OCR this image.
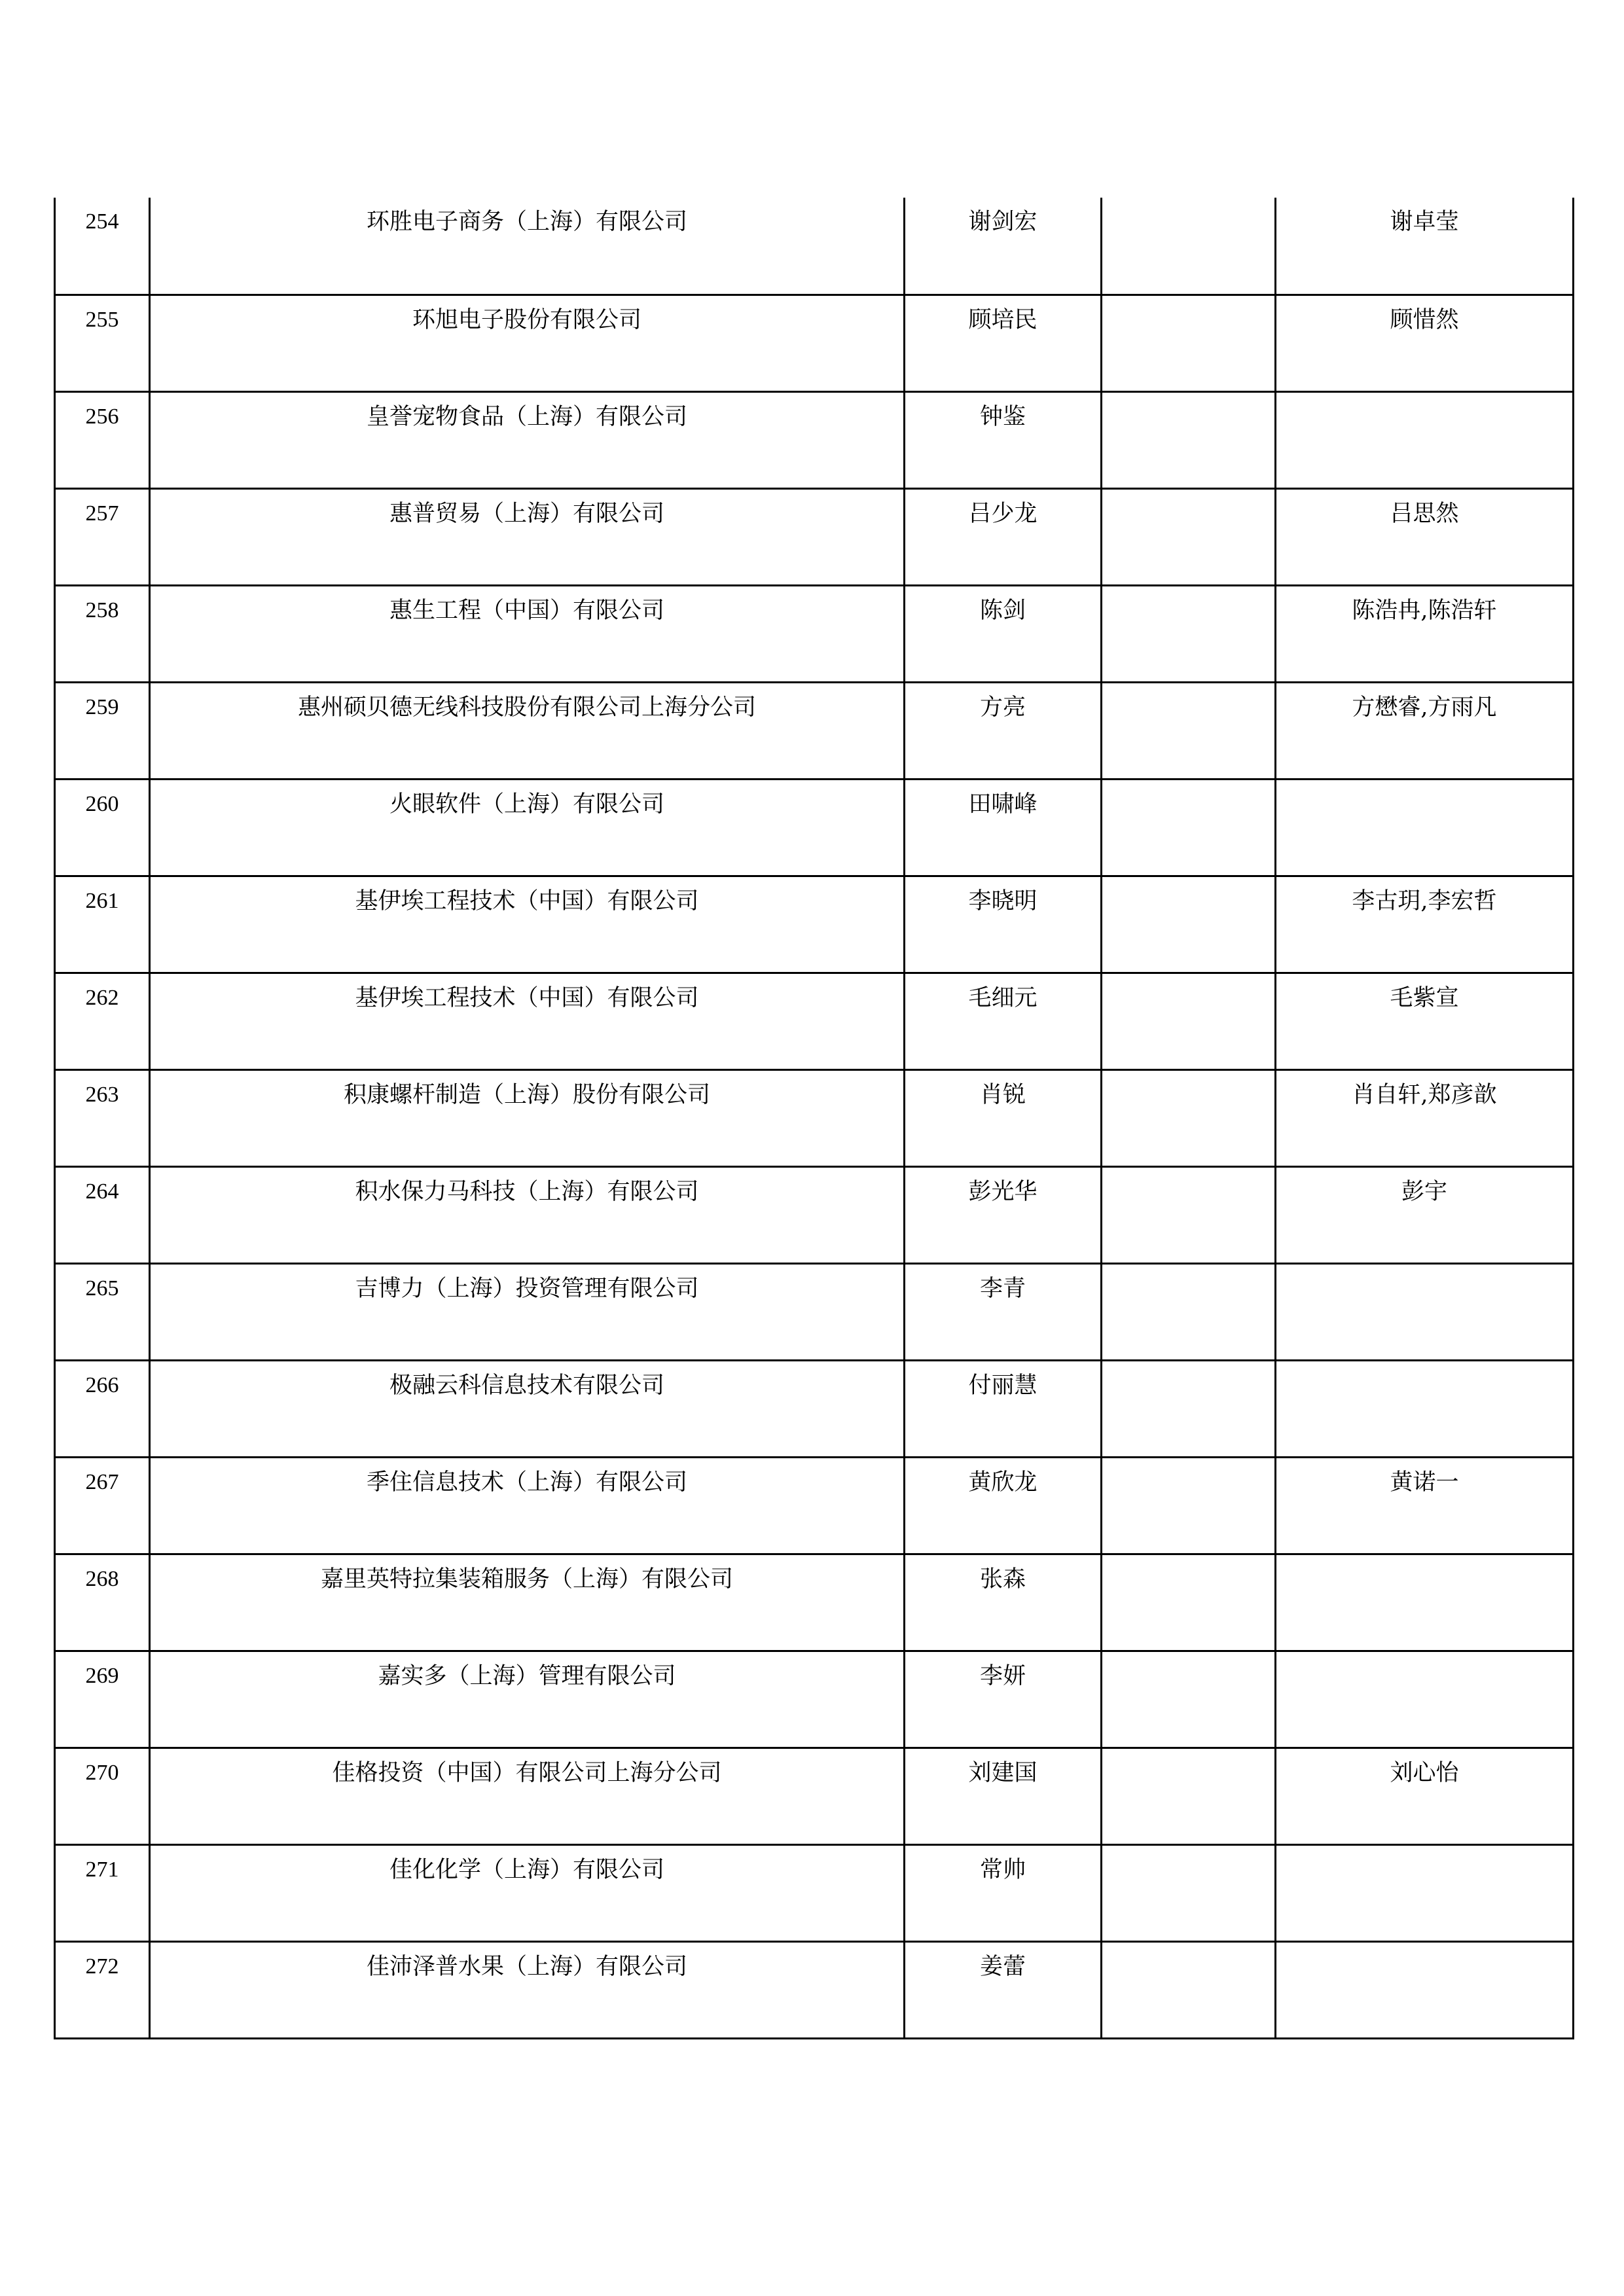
254	环胜电子商务（上海）有限公司	谢剑宏		谢卓莹

255	环旭电子股份有限公司	顾培民		顾惜然

256	皇誉宠物食品（上海）有限公司	钟鉴		

257	惠普贸易（上海）有限公司	吕少龙		吕思然

258	惠生工程（中国）有限公司	陈剑		陈浩冉,陈浩轩

259	惠州硕贝德无线科技股份有限公司上海分公司	方亮		方懋睿,方雨凡

260	火眼软件（上海）有限公司	田啸峰		

261	基伊埃工程技术（中国）有限公司	李晓明		李古玥,李宏哲

262	基伊埃工程技术（中国）有限公司	毛细元		毛紫宣

263	积康螺杆制造（上海）股份有限公司	肖锐		肖自轩,郑彦歆

264	积水保力马科技（上海）有限公司	彭光华		彭宇

265	吉博力（上海）投资管理有限公司	李青		

266	极融云科信息技术有限公司	付丽慧		

267	季住信息技术（上海）有限公司	黄欣龙		黄诺一

268	嘉里英特拉集装箱服务（上海）有限公司	张森		

269	嘉实多（上海）管理有限公司	李妍		

270	佳格投资（中国）有限公司上海分公司	刘建国		刘心怡

271	佳化化学（上海）有限公司	常帅		

272	佳沛泽普水果（上海）有限公司	姜蕾		
